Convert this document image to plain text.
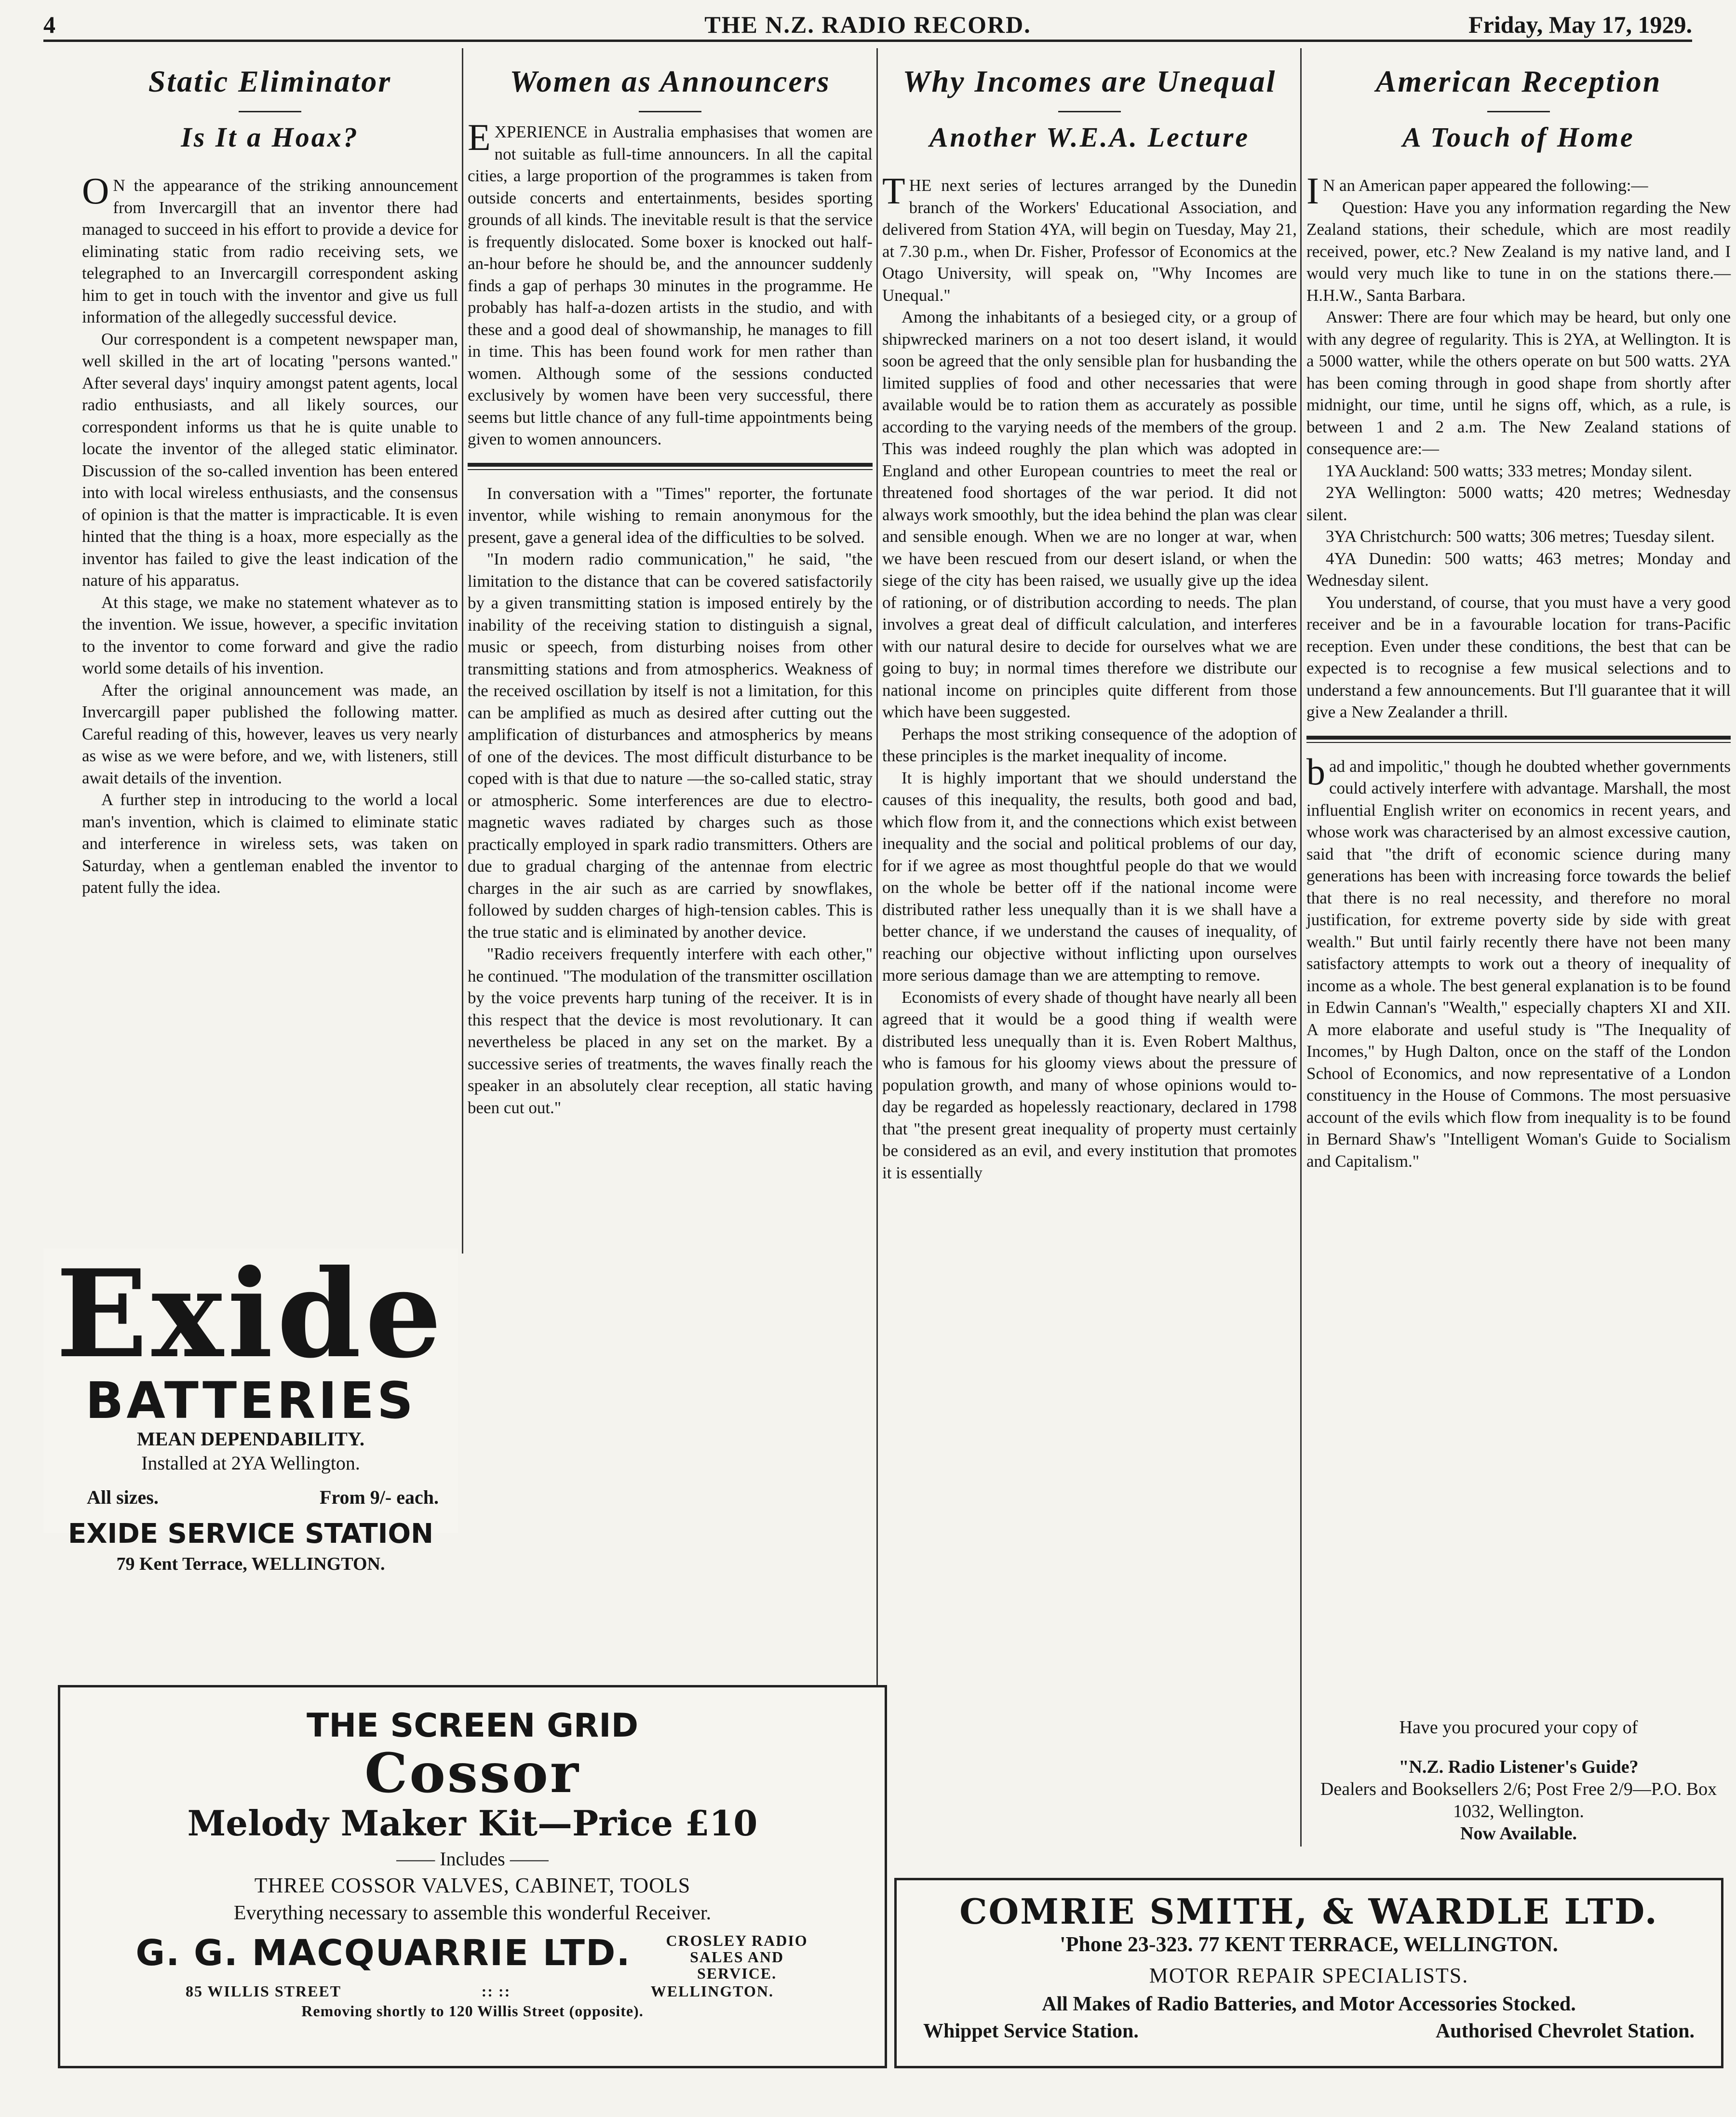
4	THE N.Z. RADIO RECORD.	Friday, May 17, 1929.
Static Eliminator
Is It a Hoax?

ON the appearance of the striking announcement from Invercargill that an inventor there had managed to succeed in his effort to provide a device for eliminating static from radio receiving sets, we telegraphed to an Invercargill correspondent asking him to get in touch with the inventor and give us full information of the allegedly successful device.

Our correspondent is a competent newspaper man, well skilled in the art of locating "persons wanted." After several days' inquiry amongst patent agents, local radio enthusiasts, and all likely sources, our correspondent informs us that he is quite unable to locate the inventor of the alleged static eliminator. Discussion of the so-called invention has been entered into with local wireless enthusiasts, and the consensus of opinion is that the matter is impracticable. It is even hinted that the thing is a hoax, more especially as the inventor has failed to give the least indication of the nature of his apparatus.

At this stage, we make no statement whatever as to the invention. We issue, however, a specific invitation to the inventor to come forward and give the radio world some details of his invention.

After the original announcement was made, an Invercargill paper published the following matter. Careful reading of this, however, leaves us very nearly as wise as we were before, and we, with listeners, still await details of the invention.

A further step in introducing to the world a local man's invention, which is claimed to eliminate static and interference in wireless sets, was taken on Saturday, when a gentleman enabled the inventor to patent fully the idea.

Women as Announcers

EXPERIENCE in Australia emphasises that women are not suitable as full-time announcers. In all the capital cities, a large proportion of the programmes is taken from outside concerts and entertainments, besides sporting grounds of all kinds. The inevitable result is that the service is frequently dislocated. Some boxer is knocked out half-an-hour before he should be, and the announcer suddenly finds a gap of perhaps 30 minutes in the programme. He probably has half-a-dozen artists in the studio, and with these and a good deal of showmanship, he manages to fill in time. This has been found work for men rather than women. Although some of the sessions conducted exclusively by women have been very successful, there seems but little chance of any full-time appointments being given to women announcers.

In conversation with a "Times" reporter, the fortunate inventor, while wishing to remain anonymous for the present, gave a general idea of the difficulties to be solved.

"In modern radio communication," he said, "the limitation to the distance that can be covered satisfactorily by a given transmitting station is imposed entirely by the inability of the receiving station to distinguish a signal, music or speech, from disturbing noises from other transmitting stations and from atmospherics. Weakness of the received oscillation by itself is not a limitation, for this can be amplified as much as desired after cutting out the amplification of disturbances and atmospherics by means of one of the devices. The most difficult disturbance to be coped with is that due to nature —the so-called static, stray or atmospheric. Some interferences are due to electro-magnetic waves radiated by charges such as those practically employed in spark radio transmitters. Others are due to gradual charging of the antennae from electric charges in the air such as are carried by snowflakes, followed by sudden charges of high-tension cables. This is the true static and is eliminated by another device.

"Radio receivers frequently interfere with each other," he continued. "The modulation of the transmitter oscillation by the voice prevents harp tuning of the receiver. It is in this respect that the device is most revolutionary. It can nevertheless be placed in any set on the market. By a successive series of treatments, the waves finally reach the speaker in an absolutely clear reception, all static having been cut out."

Why Incomes are Unequal
Another W.E.A. Lecture

THE next series of lectures arranged by the Dunedin branch of the Workers' Educational Association, and delivered from Station 4YA, will begin on Tuesday, May 21, at 7.30 p.m., when Dr. Fisher, Professor of Economics at the Otago University, will speak on, "Why Incomes are Unequal."

Among the inhabitants of a besieged city, or a group of shipwrecked mariners on a not too desert island, it would soon be agreed that the only sensible plan for husbanding the limited supplies of food and other necessaries that were available would be to ration them as accurately as possible according to the varying needs of the members of the group. This was indeed roughly the plan which was adopted in England and other European countries to meet the real or threatened food shortages of the war period. It did not always work smoothly, but the idea behind the plan was clear and sensible enough. When we are no longer at war, when we have been rescued from our desert island, or when the siege of the city has been raised, we usually give up the idea of rationing, or of distribution according to needs. The plan involves a great deal of difficult calculation, and interferes with our natural desire to decide for ourselves what we are going to buy; in normal times therefore we distribute our national income on principles quite different from those which have been suggested.

Perhaps the most striking consequence of the adoption of these principles is the market inequality of income.

It is highly important that we should understand the causes of this inequality, the results, both good and bad, which flow from it, and the connections which exist between inequality and the social and political problems of our day, for if we agree as most thoughtful people do that we would on the whole be better off if the national income were distributed rather less unequally than it is we shall have a better chance, if we understand the causes of inequality, of reaching our objective without inflicting upon ourselves more serious damage than we are attempting to remove.

Economists of every shade of thought have nearly all been agreed that it would be a good thing if wealth were distributed less unequally than it is. Even Robert Malthus, who is famous for his gloomy views about the pressure of population growth, and many of whose opinions would to-day be regarded as hopelessly reactionary, declared in 1798 that "the present great inequality of property must certainly be considered as an evil, and every institution that promotes it is essentially

American Reception
A Touch of Home

IN an American paper appeared the following:—

Question: Have you any information regarding the New Zealand stations, their schedule, which are most readily received, power, etc.? New Zealand is my native land, and I would very much like to tune in on the stations there.—H.H.W., Santa Barbara.

Answer: There are four which may be heard, but only one with any degree of regularity. This is 2YA, at Wellington. It is a 5000 watter, while the others operate on but 500 watts. 2YA has been coming through in good shape from shortly after midnight, our time, until he signs off, which, as a rule, is between 1 and 2 a.m. The New Zealand stations of consequence are:—

1YA Auckland: 500 watts; 333 metres; Monday silent.

2YA Wellington: 5000 watts; 420 metres; Wednesday silent.

3YA Christchurch: 500 watts; 306 metres; Tuesday silent.

4YA Dunedin: 500 watts; 463 metres; Monday and Wednesday silent.

You understand, of course, that you must have a very good receiver and be in a favourable location for trans-Pacific reception. Even under these conditions, the best that can be expected is to recognise a few musical selections and to understand a few announcements. But I'll guarantee that it will give a New Zealander a thrill.

bad and impolitic," though he doubted whether governments could actively interfere with advantage. Marshall, the most influential English writer on economics in recent years, and whose work was characterised by an almost excessive caution, said that "the drift of economic science during many generations has been with increasing force towards the belief that there is no real necessity, and therefore no moral justification, for extreme poverty side by side with great wealth." But until fairly recently there have not been many satisfactory attempts to work out a theory of inequality of income as a whole. The best general explanation is to be found in Edwin Cannan's "Wealth," especially chapters XI and XII. A more elaborate and useful study is "The Inequality of Incomes," by Hugh Dalton, once on the staff of the London School of Economics, and now representative of a London constituency in the House of Commons. The most persuasive account of the evils which flow from inequality is to be found in Bernard Shaw's "Intelligent Woman's Guide to Socialism and Capitalism."

Exide
BATTERIES
MEAN DEPENDABILITY.
Installed at 2YA Wellington.
All sizes.	From 9/- each.
EXIDE SERVICE STATION
79 Kent Terrace, WELLINGTON.
THE SCREEN GRID
Cossor
Melody Maker Kit—Price £10
—— Includes ——
THREE COSSOR VALVES, CABINET, TOOLS
Everything necessary to assemble this wonderful Receiver.
G. G. MACQUARRIE LTD. CROSLEY RADIO SALES AND SERVICE.
85 WILLIS STREET	:: ::	WELLINGTON.
Removing shortly to 120 Willis Street (opposite).
Have you procured your copy of
"N.Z. Radio Listener's Guide?
Dealers and Booksellers 2/6; Post Free 2/9—P.O. Box 1032, Wellington.
Now Available.
COMRIE SMITH, & WARDLE LTD.
'Phone 23-323. 77 KENT TERRACE, WELLINGTON.
MOTOR REPAIR SPECIALISTS.
All Makes of Radio Batteries, and Motor Accessories Stocked.
Whippet Service Station.	Authorised Chevrolet Station.
